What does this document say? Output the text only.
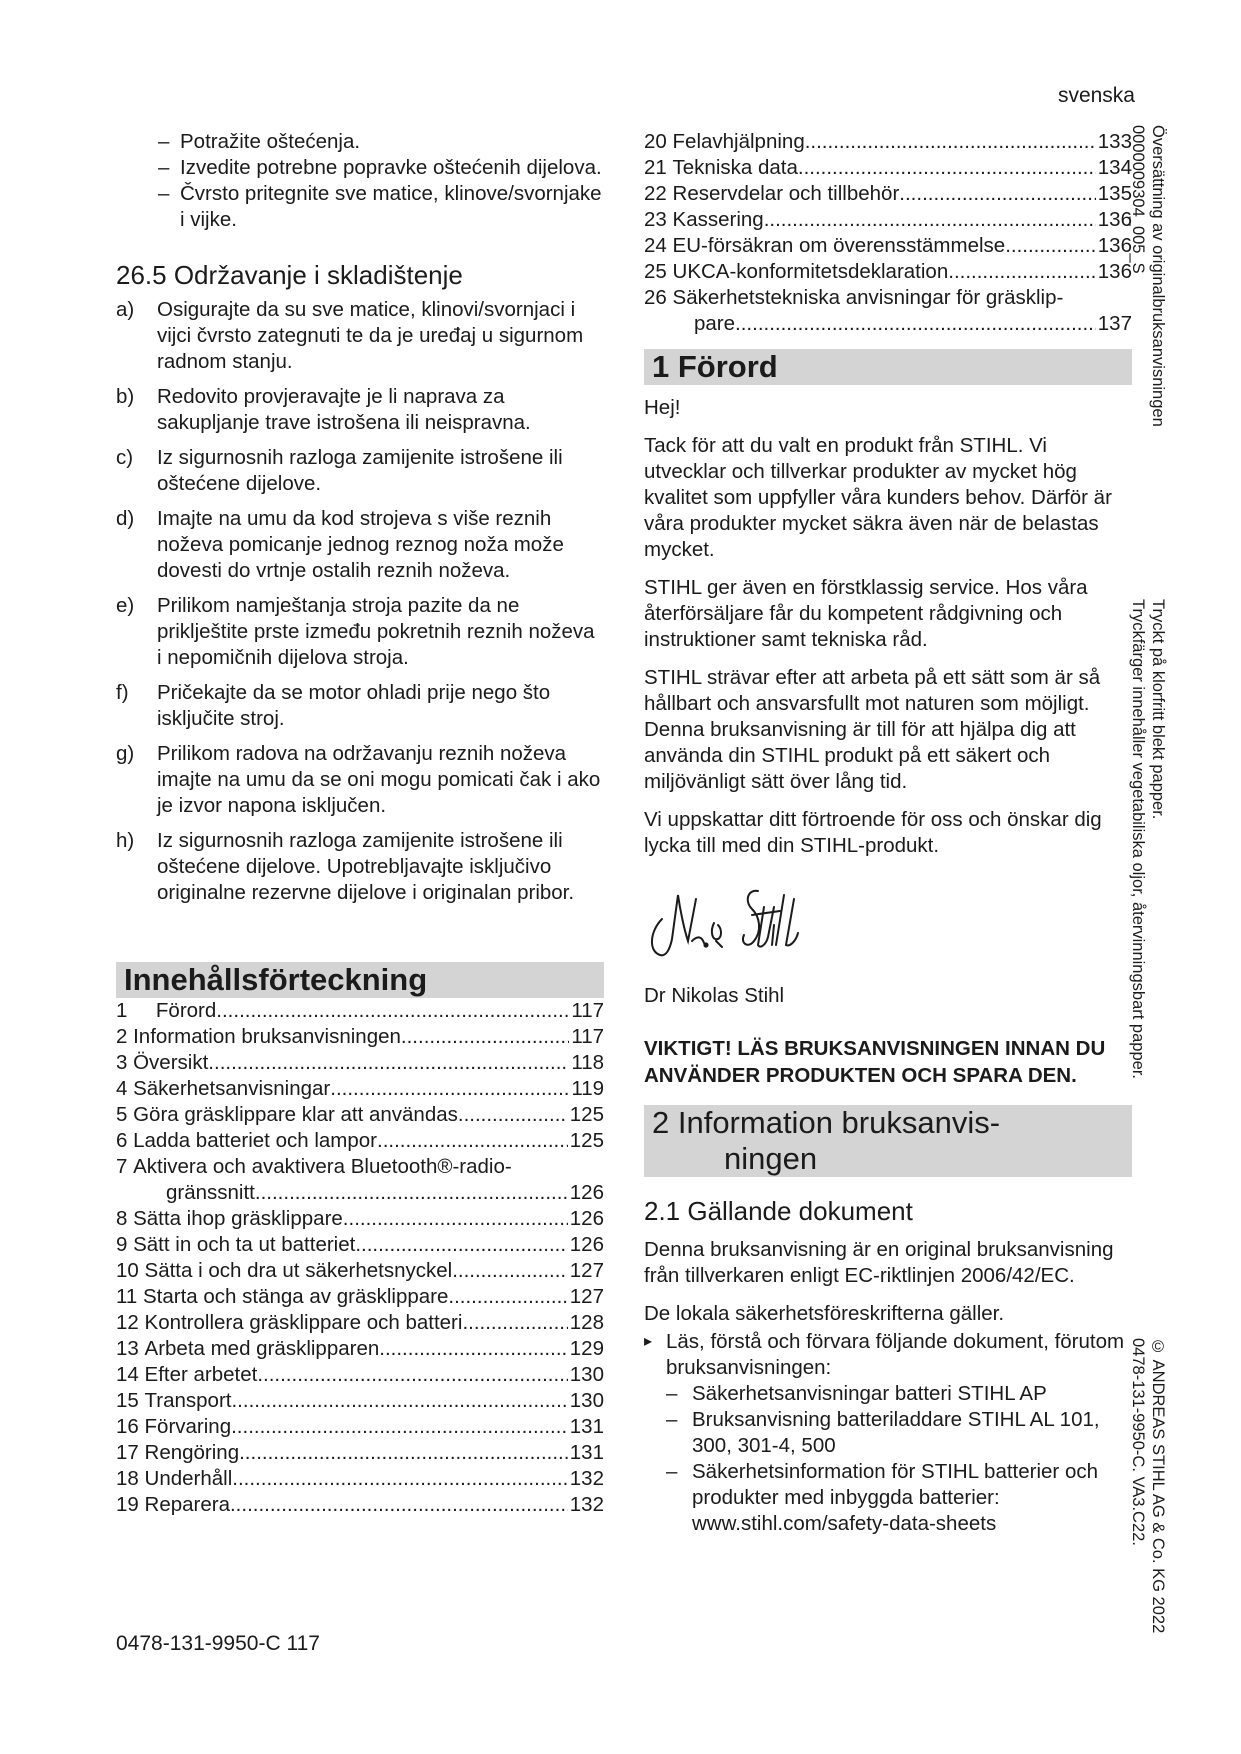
svenska
– Potražite oštećenja.
– Izvedite potrebne popravke oštećenih dijelova.
– Čvrsto pritegnite sve matice, klinove/svornjake i vijke.
26.5 Održavanje i skladištenje
a) Osigurajte da su sve matice, klinovi/svornjaci i vijci čvrsto zategnuti te da je uređaj u sigurnom radnom stanju.
b) Redovito provjeravajte je li naprava za sakupljanje trave istrošena ili neispravna.
c) Iz sigurnosnih razloga zamijenite istrošene ili oštećene dijelove.
d) Imajte na umu da kod strojeva s više reznih noževa pomicanje jednog reznog noža može dovesti do vrtnje ostalih reznih noževa.
e) Prilikom namještanja stroja pazite da ne priklještite prste između pokretnih reznih noževa i nepomičnih dijelova stroja.
f) Pričekajte da se motor ohladi prije nego što isključite stroj.
g) Prilikom radova na održavanju reznih noževa imajte na umu da se oni mogu pomicati čak i ako je izvor napona isključen.
h) Iz sigurnosnih razloga zamijenite istrošene ili oštećene dijelove. Upotrebljavajte isključivo originalne rezervne dijelove i originalan pribor.
Innehållsförteckning
1
Förord .....	117
2
Information bruksanvisningen .....	117
3
Översikt .....	118
4
Säkerhetsanvisningar .....	119
5
Göra gräsklippare klar att användas .....	125
6
Ladda batteriet och lampor .....	125
7 Aktivera och avaktivera Bluetooth®-radio-
gränssnitt .....	126
8
Sätta ihop gräsklippare .....	126
9
Sätt in och ta ut batteriet .....	126
10
Sätta i och dra ut säkerhetsnyckel .....	127
11
Starta och stänga av gräsklippare .....	127
12
Kontrollera gräsklippare och batteri .....	128
13
Arbeta med gräsklipparen .....	129
14
Efter arbetet .....	130
15
Transport .....	130
16
Förvaring .....	131
17
Rengöring .....	131
18
Underhåll .....	132
19
Reparera .....	132
20
Felavhjälpning .....	133
21
Tekniska data .....	134
22
Reservdelar och tillbehör .....	135
23
Kassering .....	136
24
EU-försäkran om överensstämmelse .....	136
25
UKCA-konformitetsdeklaration .....	136
26 Säkerhetstekniska anvisningar för gräsklip-
pare .....	137
1 Förord

Hej!

Tack för att du valt en produkt från STIHL. Vi utvecklar och tillverkar produkter av mycket hög kvalitet som uppfyller våra kunders behov. Därför är våra produkter mycket säkra även när de belastas mycket.

STIHL ger även en förstklassig service. Hos våra återförsäljare får du kompetent rådgivning och instruktioner samt tekniska råd.

STIHL strävar efter att arbeta på ett sätt som är så hållbart och ansvarsfullt mot naturen som möjligt. Denna bruksanvisning är till för att hjälpa dig att använda din STIHL produkt på ett säkert och miljövänligt sätt över lång tid.

Vi uppskattar ditt förtroende för oss och önskar dig lycka till med din STIHL-produkt.

Dr Nikolas Stihl

VIKTIGT! LÄS BRUKSANVISNINGEN INNAN DU ANVÄNDER PRODUKTEN OCH SPARA DEN.

2 Information bruksanvis-
ningen
2.1 Gällande dokument

Denna bruksanvisning är en original bruksanvisning från tillverkaren enligt EC-riktlinjen 2006/42/EC.

De lokala säkerhetsföreskrifterna gäller.

▸ Läs, förstå och förvara följande dokument, förutom bruksanvisningen:
– Säkerhetsanvisningar batteri STIHL AP
– Bruksanvisning batteriladdare STIHL AL 101, 300, 301-4, 500
– Säkerhetsinformation för STIHL batterier och produkter med inbyggda batterier: www.stihl.com/safety-data-sheets
0478-131-9950-C 117
Översättning av originalbruksanvisningen
0000009304_005_S
Tryckt på klorfritt blekt papper.
Tryckfärger innehåller vegetabiliska oljor, återvinningsbart papper.
© ANDREAS STIHL AG & Co. KG 2022
0478-131-9950-C. VA3.C22.
